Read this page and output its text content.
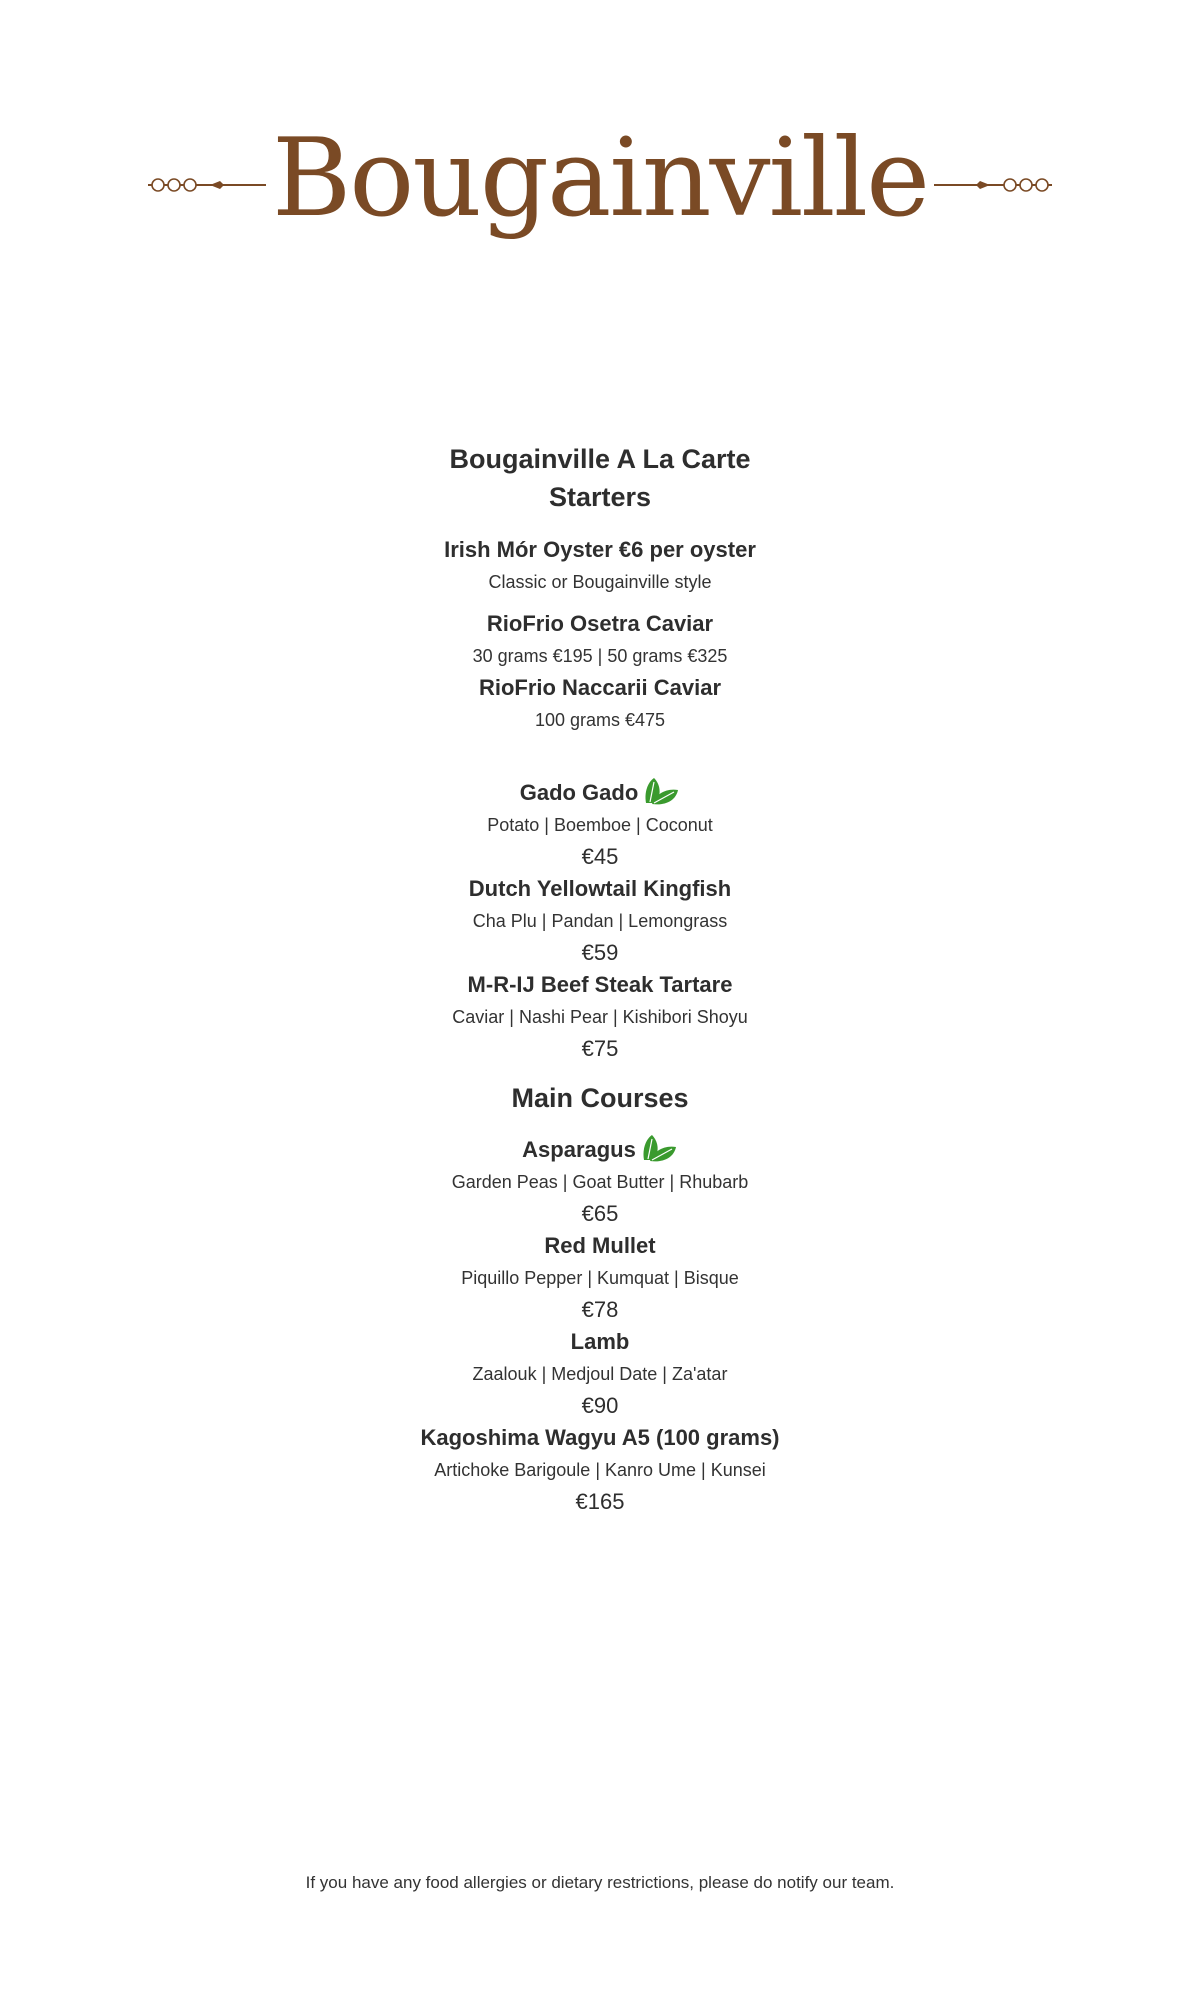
Bougainville
Bougainville A La Carte
Starters
Irish Mór Oyster €6 per oyster
Classic or Bougainville style
RioFrio Osetra Caviar
30 grams €195 | 50 grams €325
RioFrio Naccarii Caviar
100 grams €475
Gado Gado
Potato | Boemboe | Coconut
€45
Dutch Yellowtail Kingfish
Cha Plu | Pandan | Lemongrass
€59
M-R-IJ Beef Steak Tartare
Caviar | Nashi Pear | Kishibori Shoyu
€75
Main Courses
Asparagus
Garden Peas | Goat Butter | Rhubarb
€65
Red Mullet
Piquillo Pepper | Kumquat | Bisque
€78
Lamb
Zaalouk | Medjoul Date | Za'atar
€90
Kagoshima Wagyu A5 (100 grams)
Artichoke Barigoule | Kanro Ume | Kunsei
€165
If you have any food allergies or dietary restrictions, please do notify our team.
